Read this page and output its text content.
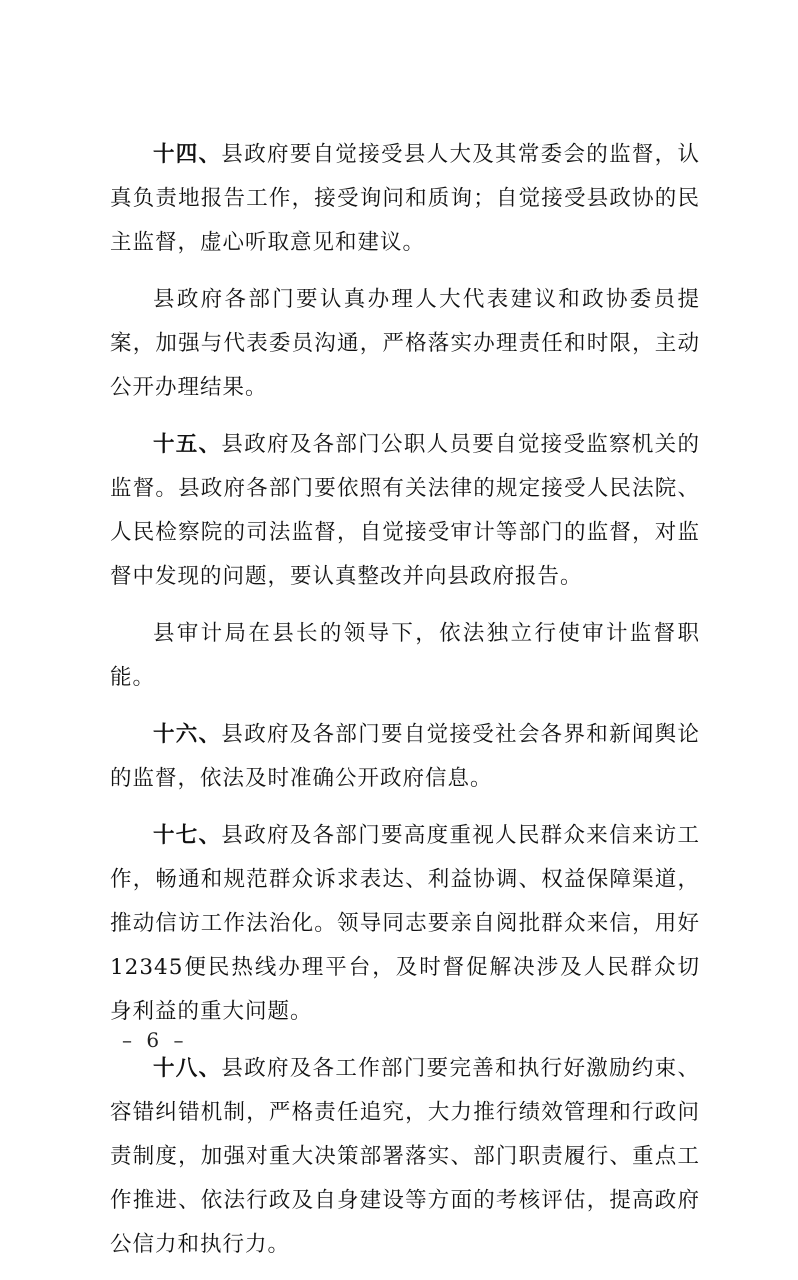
十四、县政府要自觉接受县人大及其常委会的监督，认真负责地报告工作，接受询问和质询；自觉接受县政协的民主监督，虚心听取意见和建议。

县政府各部门要认真办理人大代表建议和政协委员提案，加强与代表委员沟通，严格落实办理责任和时限，主动公开办理结果。

十五、县政府及各部门公职人员要自觉接受监察机关的监督。县政府各部门要依照有关法律的规定接受人民法院、人民检察院的司法监督，自觉接受审计等部门的监督，对监督中发现的问题，要认真整改并向县政府报告。

县审计局在县长的领导下，依法独立行使审计监督职能。

十六、县政府及各部门要自觉接受社会各界和新闻舆论的监督，依法及时准确公开政府信息。

十七、县政府及各部门要高度重视人民群众来信来访工作，畅通和规范群众诉求表达、利益协调、权益保障渠道，推动信访工作法治化。领导同志要亲自阅批群众来信，用好12345便民热线办理平台，及时督促解决涉及人民群众切身利益的重大问题。

十八、县政府及各工作部门要完善和执行好激励约束、容错纠错机制，严格责任追究，大力推行绩效管理和行政问责制度，加强对重大决策部署落实、部门职责履行、重点工作推进、依法行政及自身建设等方面的考核评估，提高政府公信力和执行力。

– 6 –
